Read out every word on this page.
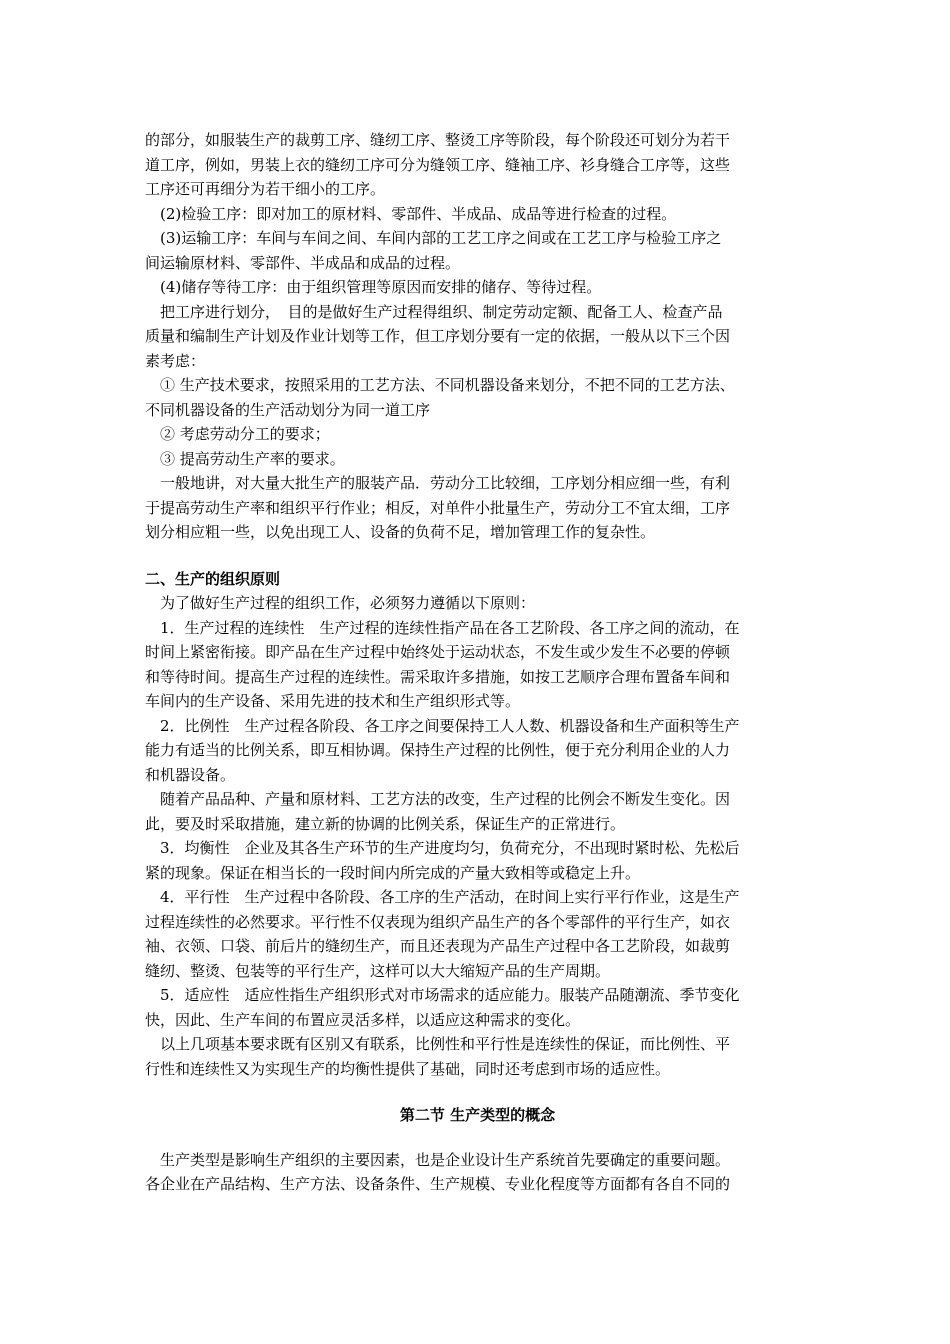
的部分，如服装生产的裁剪工序、缝纫工序、整烫工序等阶段，每个阶段还可划分为若干
道工序，例如，男装上衣的缝纫工序可分为缝领工序、缝袖工序、衫身缝合工序等，这些
工序还可再细分为若干细小的工序。
　(2)检验工序：即对加工的原材料、零部件、半成品、成品等进行检查的过程。
　(3)运输工序：车间与车间之间、车间内部的工艺工序之间或在工艺工序与检验工序之
间运输原材料、零部件、半成品和成品的过程。
　(4)储存等待工序：由于组织管理等原因而安排的储存、等待过程。
　把工序进行划分，　目的是做好生产过程得组织、制定劳动定额、配备工人、检查产品
质量和编制生产计划及作业计划等工作，但工序划分要有一定的依据，一般从以下三个因
素考虑：
　① 生产技术要求，按照采用的工艺方法、不同机器设备来划分，不把不同的工艺方法、
不同机器设备的生产活动划分为同一道工序
　② 考虑劳动分工的要求；
　③ 提高劳动生产率的要求。
　一般地讲，对大量大批生产的服装产品．劳动分工比较细，工序划分相应细一些，有利
于提高劳动生产率和组织平行作业；相反，对单件小批量生产，劳动分工不宜太细，工序
划分相应粗一些，以免出现工人、设备的负荷不足，增加管理工作的复杂性。
二、生产的组织原则
　为了做好生产过程的组织工作，必须努力遵循以下原则：
　1．生产过程的连续性　生产过程的连续性指产品在各工艺阶段、各工序之间的流动，在
时间上紧密衔接。即产品在生产过程中始终处于运动状态，不发生或少发生不必要的停顿
和等待时间。提高生产过程的连续性。需采取许多措施，如按工艺顺序合理布置备车间和
车间内的生产设备、采用先进的技术和生产组织形式等。
　2．比例性　生产过程各阶段、各工序之间要保持工人人数、机器设备和生产面积等生产
能力有适当的比例关系，即互相协调。保持生产过程的比例性，便于充分利用企业的人力
和机器设备。
　随着产品品种、产量和原材料、工艺方法的改变，生产过程的比例会不断发生变化。因
此，要及时采取措施，建立新的协调的比例关系，保证生产的正常进行。
　3．均衡性　企业及其各生产环节的生产进度均匀，负荷充分，不出现时紧时松、先松后
紧的现象。保证在相当长的一段时间内所完成的产量大致相等或稳定上升。
　4．平行性　生产过程中各阶段、各工序的生产活动，在时间上实行平行作业，这是生产
过程连续性的必然要求。平行性不仅表现为组织产品生产的各个零部件的平行生产，如衣
袖、衣领、口袋、前后片的缝纫生产，而且还表现为产品生产过程中各工艺阶段，如裁剪
缝纫、整烫、包装等的平行生产，这样可以大大缩短产品的生产周期。
　5．适应性　适应性指生产组织形式对市场需求的适应能力。服装产品随潮流、季节变化
快，因此、生产车间的布置应灵活多样，以适应这种需求的变化。
　以上几项基本要求既有区别又有联系，比例性和平行性是连续性的保证，而比例性、平
行性和连续性又为实现生产的均衡性提供了基础，同时还考虑到市场的适应性。
第二节 生产类型的概念
　生产类型是影响生产组织的主要因素，也是企业设计生产系统首先要确定的重要问题。
各企业在产品结构、生产方法、设备条件、生产规模、专业化程度等方面都有各自不同的
